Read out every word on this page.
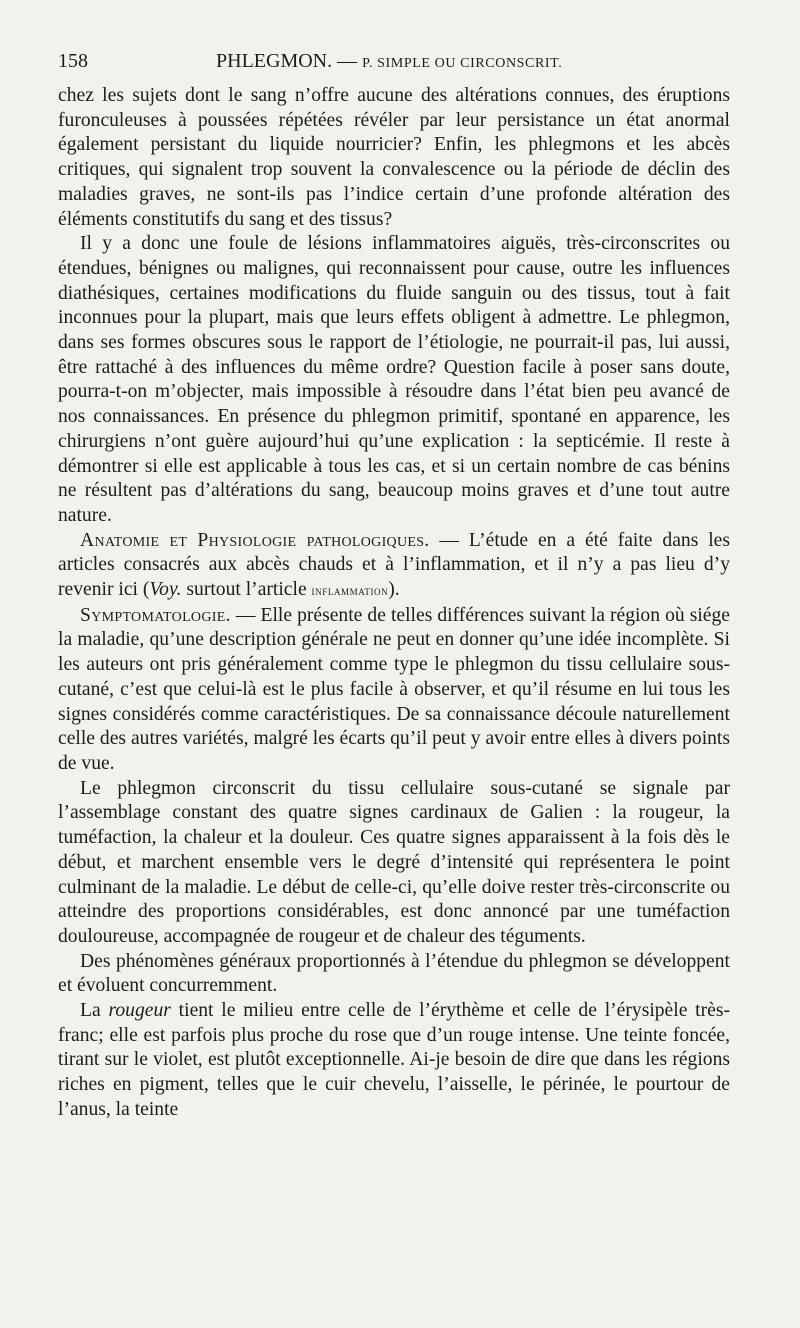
158	PHLEGMON. — P. SIMPLE OU CIRCONSCRIT.

chez les sujets dont le sang n’offre aucune des altérations connues, des éruptions furonculeuses à poussées répétées révéler par leur persistance un état anormal également persistant du liquide nourricier? Enfin, les phlegmons et les abcès critiques, qui signalent trop souvent la convalescence ou la période de déclin des maladies graves, ne sont-ils pas l’indice certain d’une profonde altération des éléments constitutifs du sang et des tissus?

Il y a donc une foule de lésions inflammatoires aiguës, très-circonscrites ou étendues, bénignes ou malignes, qui reconnaissent pour cause, outre les influences diathésiques, certaines modifications du fluide sanguin ou des tissus, tout à fait inconnues pour la plupart, mais que leurs effets obligent à admettre. Le phlegmon, dans ses formes obscures sous le rapport de l’étiologie, ne pourrait-il pas, lui aussi, être rattaché à des influences du même ordre? Question facile à poser sans doute, pourra-t-on m’objecter, mais impossible à résoudre dans l’état bien peu avancé de nos connaissances. En présence du phlegmon primitif, spontané en apparence, les chirurgiens n’ont guère aujourd’hui qu’une explication : la septicémie. Il reste à démontrer si elle est applicable à tous les cas, et si un certain nombre de cas bénins ne résultent pas d’altérations du sang, beaucoup moins graves et d’une tout autre nature.

Anatomie et Physiologie pathologiques. — L’étude en a été faite dans les articles consacrés aux abcès chauds et à l’inflammation, et il n’y a pas lieu d’y revenir ici (Voy. surtout l’article inflammation).

Symptomatologie. — Elle présente de telles différences suivant la région où siége la maladie, qu’une description générale ne peut en donner qu’une idée incomplète. Si les auteurs ont pris généralement comme type le phlegmon du tissu cellulaire sous-cutané, c’est que celui-là est le plus facile à observer, et qu’il résume en lui tous les signes considérés comme caractéristiques. De sa connaissance découle naturellement celle des autres variétés, malgré les écarts qu’il peut y avoir entre elles à divers points de vue.

Le phlegmon circonscrit du tissu cellulaire sous-cutané se signale par l’assemblage constant des quatre signes cardinaux de Galien : la rougeur, la tuméfaction, la chaleur et la douleur. Ces quatre signes apparaissent à la fois dès le début, et marchent ensemble vers le degré d’intensité qui représentera le point culminant de la maladie. Le début de celle-ci, qu’elle doive rester très-circonscrite ou atteindre des proportions considérables, est donc annoncé par une tuméfaction douloureuse, accompagnée de rougeur et de chaleur des téguments.

Des phénomènes généraux proportionnés à l’étendue du phlegmon se développent et évoluent concurremment.

La rougeur tient le milieu entre celle de l’érythème et celle de l’érysipèle très-franc; elle est parfois plus proche du rose que d’un rouge intense. Une teinte foncée, tirant sur le violet, est plutôt exceptionnelle. Ai-je besoin de dire que dans les régions riches en pigment, telles que le cuir chevelu, l’aisselle, le périnée, le pourtour de l’anus, la teinte
